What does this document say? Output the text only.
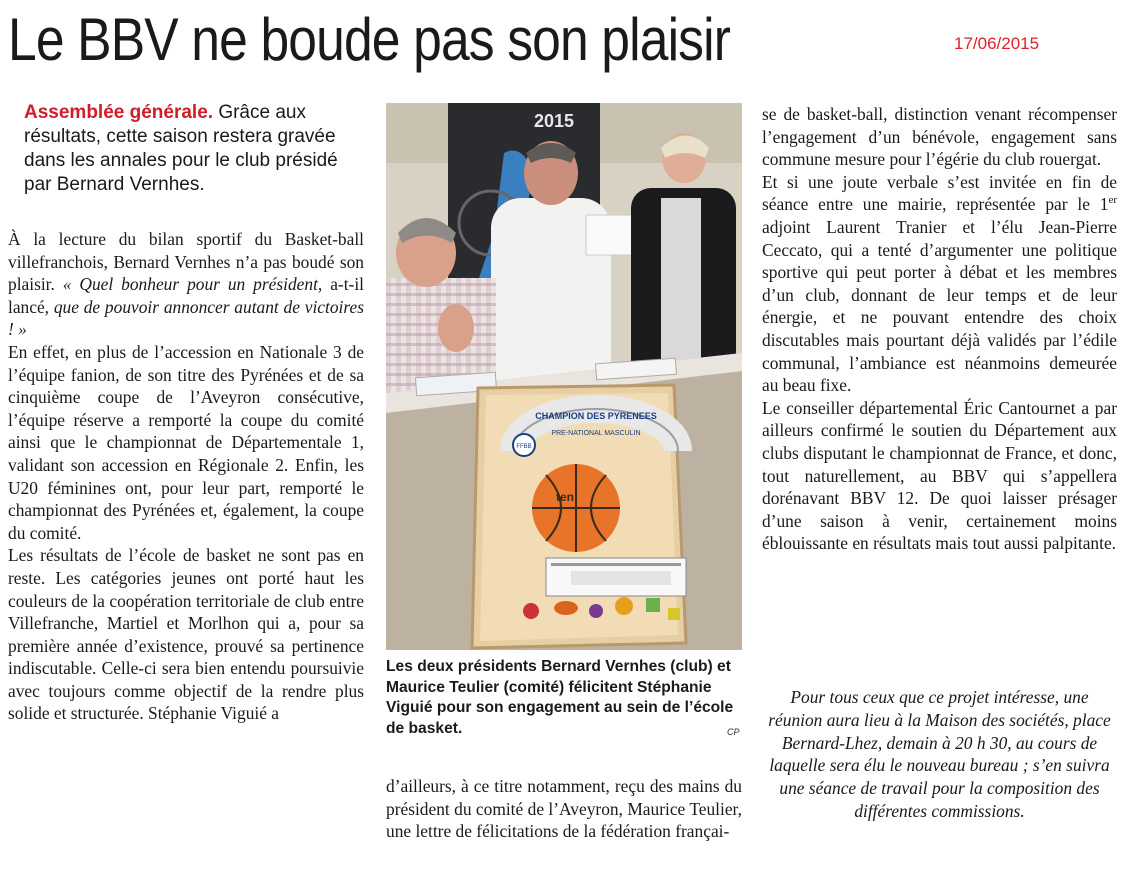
Le BBV ne boude pas son plaisir	17/06/2015
Assemblée générale. Grâce aux résultats, cette saison restera gravée dans les annales pour le club présidé par Bernard Vernhes.

À la lecture du bilan sportif du Basket-ball villefranchois, Bernard Vernhes n’a pas boudé son plaisir. « Quel bonheur pour un président, a-t-il lancé, que de pouvoir annoncer autant de victoires ! »

En effet, en plus de l’accession en Nationale 3 de l’équipe fanion, de son titre des Pyrénées et de sa cinquième coupe de l’Aveyron consécutive, l’équipe réserve a remporté la coupe du comité ainsi que le championnat de Départementale 1, validant son accession en Régionale 2. Enfin, les U20 féminines ont, pour leur part, remporté le championnat des Pyrénées et, également, la coupe du comité.

Les résultats de l’école de basket ne sont pas en reste. Les catégories jeunes ont porté haut les couleurs de la coopération territoriale de club entre Villefranche, Martiel et Morlhon qui a, pour sa première année d’existence, prouvé sa pertinence indiscutable. Celle-ci sera bien entendu poursuivie avec toujours comme objectif de la rendre plus solide et structurée. Stéphanie Viguié a

2015
CHAMPION DES PYRENEES
PRE-NATIONAL MASCULIN
FFBB
ten
Les deux présidents Bernard Vernhes (club) et Maurice Teulier (comité) félicitent Stéphanie Viguié pour son engagement au sein de l’école de basket.	CP

d’ailleurs, à ce titre notamment, reçu des mains du président du comité de l’Aveyron, Maurice Teulier, une lettre de félicitations de la fédération françai-

se de basket-ball, distinction venant récompenser l’engagement d’un bénévole, engagement sans commune mesure pour l’égérie du club rouergat.

Et si une joute verbale s’est invitée en fin de séance entre une mairie, représentée par le 1er adjoint Laurent Tranier et l’élu Jean-Pierre Ceccato, qui a tenté d’argumenter une politique sportive qui peut porter à débat et les membres d’un club, donnant de leur temps et de leur énergie, et ne pouvant entendre des choix discutables mais pourtant déjà validés par l’édile communal, l’ambiance est néanmoins demeurée au beau fixe.

Le conseiller départemental Éric Cantournet a par ailleurs confirmé le soutien du Département aux clubs disputant le championnat de France, et donc, tout naturellement, au BBV qui s’appellera dorénavant BBV 12. De quoi laisser présager d’une saison à venir, certainement moins éblouissante en résultats mais tout aussi palpitante.

Pour tous ceux que ce projet intéresse, une réunion aura lieu à la Maison des sociétés, place Bernard-Lhez, demain à 20 h 30, au cours de laquelle sera élu le nouveau bureau ; s’en suivra une séance de travail pour la composition des différentes commissions.
